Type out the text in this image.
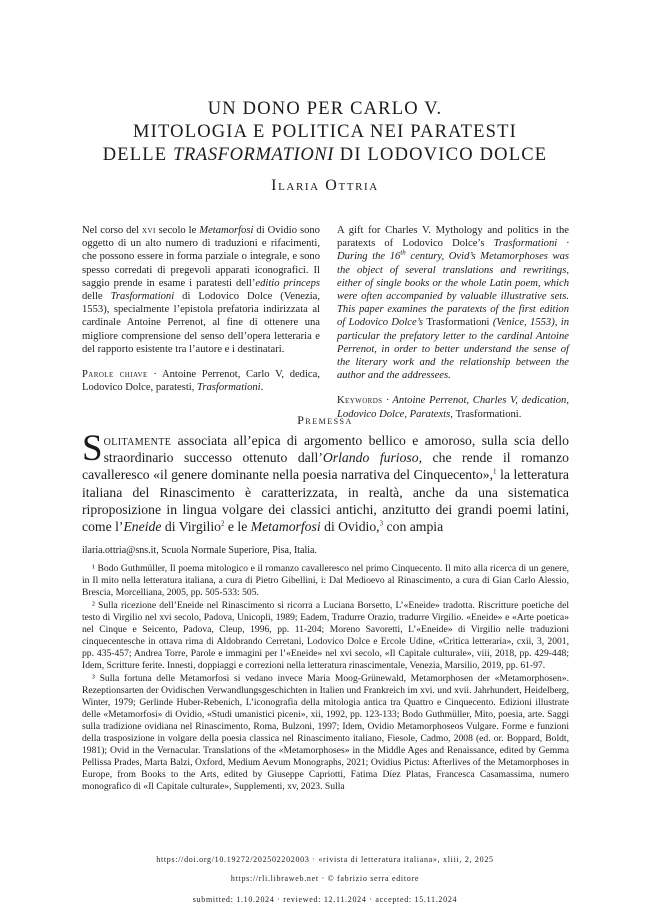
UN DONO PER CARLO V.
MITOLOGIA E POLITICA NEI PARATESTI
DELLE TRASFORMATIONI DI LODOVICO DOLCE
Ilaria Ottria

Nel corso del xvi secolo le Metamorfosi di Ovidio sono oggetto di un alto numero di traduzioni e rifacimenti, che possono essere in forma parziale o integrale, e sono spesso corredati di pregevoli apparati iconografici. Il saggio prende in esame i paratesti dell’editio princeps delle Trasformationi di Lodovico Dolce (Venezia, 1553), specialmente l’epistola prefatoria indirizzata al cardinale Antoine Perrenot, al fine di ottenere una migliore comprensione del senso dell’opera letteraria e del rapporto esistente tra l’autore e i destinatari.

Parole chiave · Antoine Perrenot, Carlo V, dedica, Lodovico Dolce, paratesti, Trasformationi.

A gift for Charles V. Mythology and politics in the paratexts of Lodovico Dolce’s Trasformationi · During the 16th century, Ovid’s Metamorphoses was the object of several translations and rewritings, either of single books or the whole Latin poem, which were often accompanied by valuable illustrative sets. This paper examines the paratexts of the first edition of Lodovico Dolce’s Trasformationi (Venice, 1553), in particular the prefatory letter to the cardinal Antoine Perrenot, in order to better understand the sense of the literary work and the relationship between the author and the addressees.

Keywords · Antoine Perrenot, Charles V, dedication, Lodovico Dolce, Paratexts, Trasformationi.

Premessa

Solitamente associata all’epica di argomento bellico e amoroso, sulla scia dello straordinario successo ottenuto dall’Orlando furioso, che rende il romanzo cavalleresco «il genere dominante nella poesia narrativa del Cinquecento»,$^1$ la letteratura italiana del Rinascimento è caratterizzata, in realtà, anche da una sistematica riproposizione in lingua volgare dei classici antichi, anzitutto dei grandi poemi latini, come l’Eneide di Virgilio$^2$ e le Metamorfosi di Ovidio,$^3$ con ampia

ilaria.ottria@sns.it, Scuola Normale Superiore, Pisa, Italia.

¹ Bodo Guthmüller, Il poema mitologico e il romanzo cavalleresco nel primo Cinquecento. Il mito alla ricerca di un genere, in Il mito nella letteratura italiana, a cura di Pietro Gibellini, i: Dal Medioevo al Rinascimento, a cura di Gian Carlo Alessio, Brescia, Morcelliana, 2005, pp. 505-533: 505.

² Sulla ricezione dell’Eneide nel Rinascimento si ricorra a Luciana Borsetto, L’«Eneide» tradotta. Riscritture poetiche del testo di Virgilio nel xvi secolo, Padova, Unicopli, 1989; Eadem, Tradurre Orazio, tradurre Virgilio. «Eneide» e «Arte poetica» nel Cinque e Seicento, Padova, Cleup, 1996, pp. 11-204; Moreno Savoretti, L’«Eneide» di Virgilio nelle traduzioni cinquecentesche in ottava rima di Aldobrando Cerretani, Lodovico Dolce e Ercole Udine, «Critica letteraria», cxii, 3, 2001, pp. 435-457; Andrea Torre, Parole e immagini per l’«Eneide» nel xvi secolo, «Il Capitale culturale», viii, 2018, pp. 429-448; Idem, Scritture ferite. Innesti, doppiaggi e correzioni nella letteratura rinascimentale, Venezia, Marsilio, 2019, pp. 61-97.

³ Sulla fortuna delle Metamorfosi si vedano invece Maria Moog-Grünewald, Metamorphosen der «Metamorphosen». Rezeptionsarten der Ovidischen Verwandlungsgeschichten in Italien und Frankreich im xvi. und xvii. Jahrhundert, Heidelberg, Winter, 1979; Gerlinde Huber-Rebenich, L’iconografia della mitologia antica tra Quattro e Cinquecento. Edizioni illustrate delle «Metamorfosi» di Ovidio, «Studi umanistici piceni», xii, 1992, pp. 123-133; Bodo Guthmüller, Mito, poesia, arte. Saggi sulla tradizione ovidiana nel Rinascimento, Roma, Bulzoni, 1997; Idem, Ovidio Metamorphoseos Vulgare. Forme e funzioni della trasposizione in volgare della poesia classica nel Rinascimento italiano, Fiesole, Cadmo, 2008 (ed. or. Boppard, Boldt, 1981); Ovid in the Vernacular. Translations of the «Metamorphoses» in the Middle Ages and Renaissance, edited by Gemma Pellissa Prades, Marta Balzi, Oxford, Medium Aevum Monographs, 2021; Ovidius Pictus: Afterlives of the Metamorphoses in Europe, from Books to the Arts, edited by Giuseppe Capriotti, Fatima Díez Platas, Francesca Casamassima, numero monografico di «Il Capitale culturale», Supplementi, xv, 2023. Sulla

https://doi.org/10.19272/202502202003 · «rivista di letteratura italiana», xliii, 2, 2025
https://rli.libraweb.net · © fabrizio serra editore
submitted: 1.10.2024 · reviewed: 12.11.2024 · accepted: 15.11.2024
